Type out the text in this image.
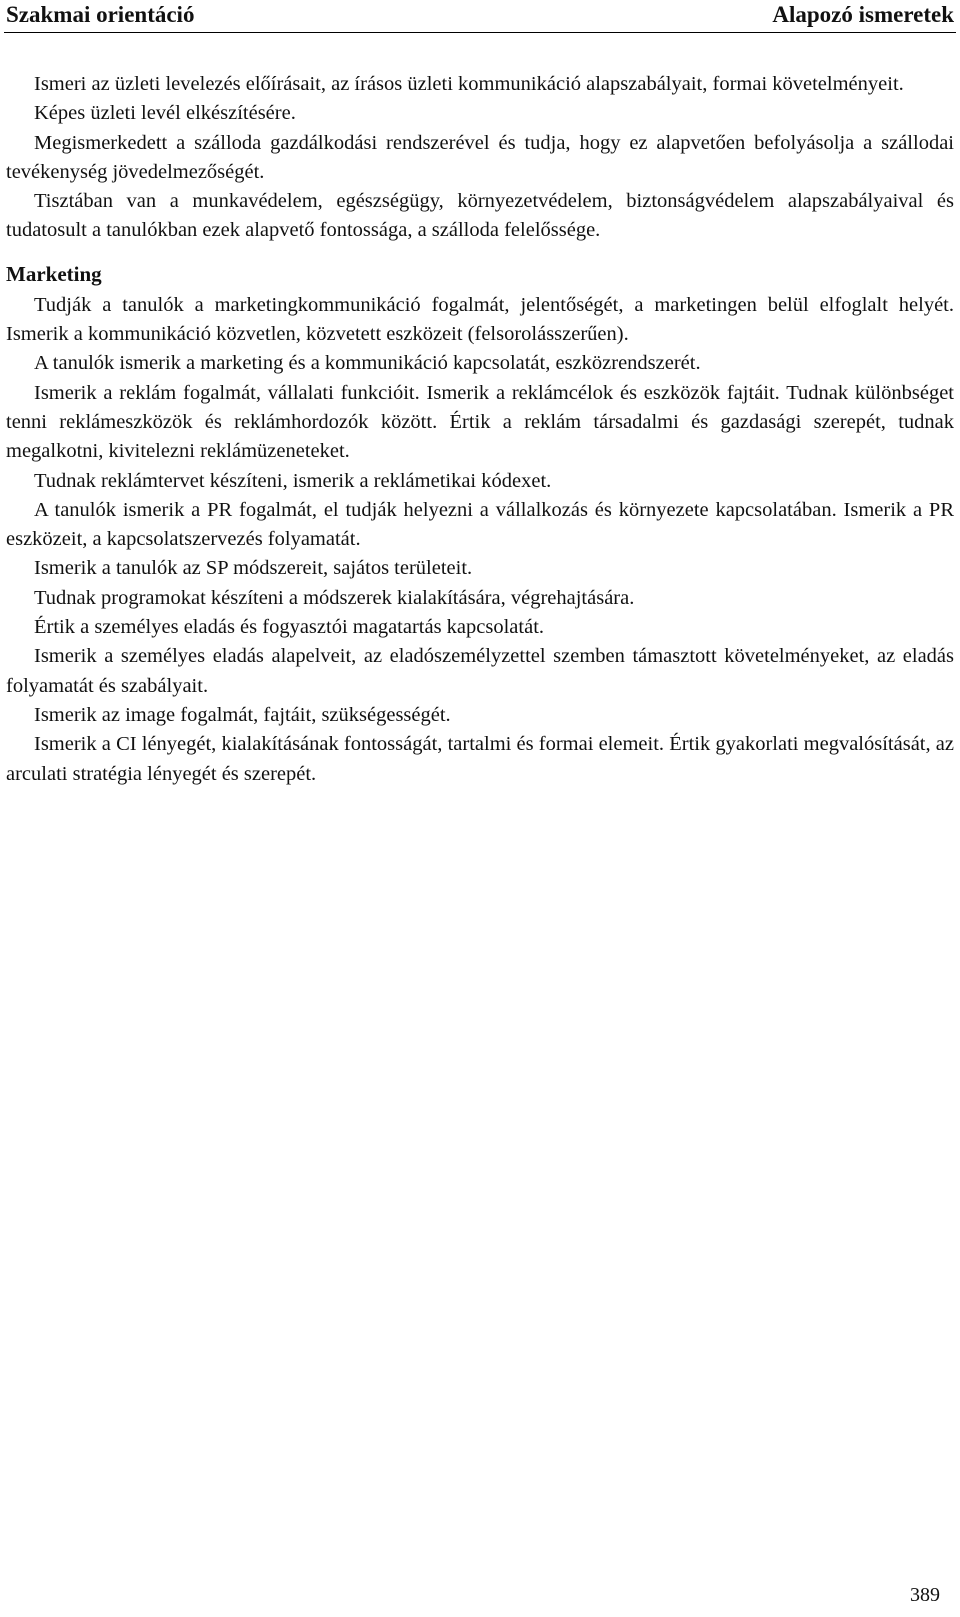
Szakmai orientáció	Alapozó ismeretek

Ismeri az üzleti levelezés előírásait, az írásos üzleti kommunikáció alapszabályait, formai követelményeit.

Képes üzleti levél elkészítésére.

Megismerkedett a szálloda gazdálkodási rendszerével és tudja, hogy ez alapvetően befolyásolja a szállodai tevékenység jövedelmezőségét.

Tisztában van a munkavédelem, egészségügy, környezetvédelem, biztonságvédelem alapszabályaival és tudatosult a tanulókban ezek alapvető fontossága, a szálloda felelőssége.

Marketing

Tudják a tanulók a marketingkommunikáció fogalmát, jelentőségét, a marketingen belül elfoglalt helyét. Ismerik a kommunikáció közvetlen, közvetett eszközeit (felsorolásszerűen).

A tanulók ismerik a marketing és a kommunikáció kapcsolatát, eszközrendszerét.

Ismerik a reklám fogalmát, vállalati funkcióit. Ismerik a reklámcélok és eszközök fajtáit. Tudnak különbséget tenni reklámeszközök és reklámhordozók között. Értik a reklám társadalmi és gazdasági szerepét, tudnak megalkotni, kivitelezni reklámüzeneteket.

Tudnak reklámtervet készíteni, ismerik a reklámetikai kódexet.

A tanulók ismerik a PR fogalmát, el tudják helyezni a vállalkozás és környezete kapcsolatában. Ismerik a PR eszközeit, a kapcsolatszervezés folyamatát.

Ismerik a tanulók az SP módszereit, sajátos területeit.

Tudnak programokat készíteni a módszerek kialakítására, végrehajtására.

Értik a személyes eladás és fogyasztói magatartás kapcsolatát.

Ismerik a személyes eladás alapelveit, az eladószemélyzettel szemben támasztott követelményeket, az eladás folyamatát és szabályait.

Ismerik az image fogalmát, fajtáit, szükségességét.

Ismerik a CI lényegét, kialakításának fontosságát, tartalmi és formai elemeit. Értik gyakorlati megvalósítását, az arculati stratégia lényegét és szerepét.

389
